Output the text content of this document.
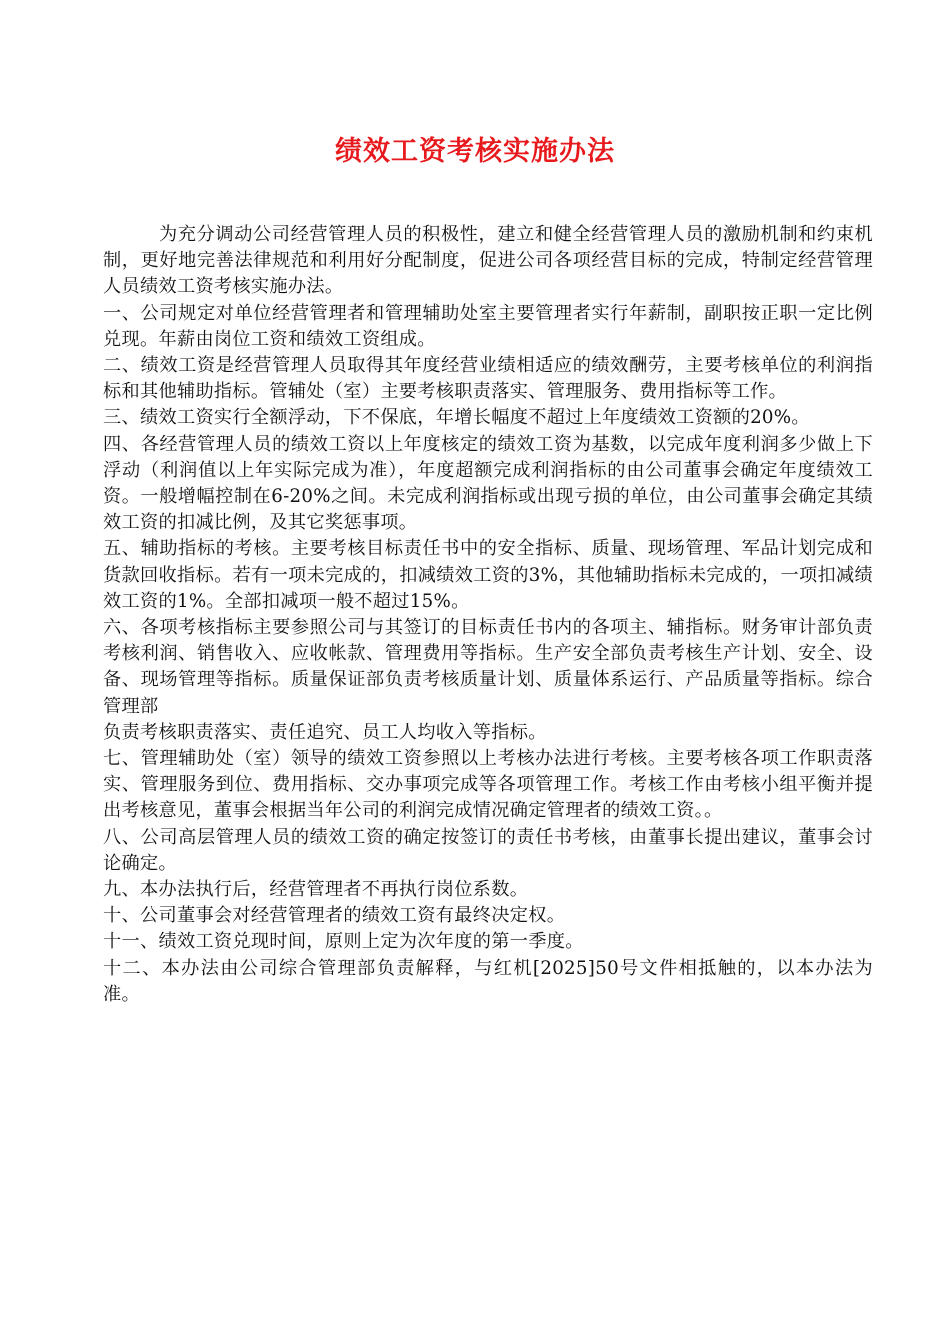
绩效工资考核实施办法

为充分调动公司经营管理人员的积极性，建立和健全经营管理人员的激励机制和约束机制，更好地完善法律规范和利用好分配制度，促进公司各项经营目标的完成，特制定经营管理人员绩效工资考核实施办法。

一、公司规定对单位经营管理者和管理辅助处室主要管理者实行年薪制，副职按正职一定比例兑现。年薪由岗位工资和绩效工资组成。

二、绩效工资是经营管理人员取得其年度经营业绩相适应的绩效酬劳，主要考核单位的利润指标和其他辅助指标。管辅处（室）主要考核职责落实、管理服务、费用指标等工作。

三、绩效工资实行全额浮动，下不保底，年增长幅度不超过上年度绩效工资额的20%。

四、各经营管理人员的绩效工资以上年度核定的绩效工资为基数，以完成年度利润多少做上下浮动（利润值以上年实际完成为准），年度超额完成利润指标的由公司董事会确定年度绩效工资。一般增幅控制在6-20%之间。未完成利润指标或出现亏损的单位，由公司董事会确定其绩效工资的扣减比例，及其它奖惩事项。

五、辅助指标的考核。主要考核目标责任书中的安全指标、质量、现场管理、军品计划完成和货款回收指标。若有一项未完成的，扣减绩效工资的3%，其他辅助指标未完成的，一项扣减绩效工资的1%。全部扣减项一般不超过15%。

六、各项考核指标主要参照公司与其签订的目标责任书内的各项主、辅指标。财务审计部负责考核利润、销售收入、应收帐款、管理费用等指标。生产安全部负责考核生产计划、安全、设备、现场管理等指标。质量保证部负责考核质量计划、质量体系运行、产品质量等指标。综合管理部

负责考核职责落实、责任追究、员工人均收入等指标。

七、管理辅助处（室）领导的绩效工资参照以上考核办法进行考核。主要考核各项工作职责落实、管理服务到位、费用指标、交办事项完成等各项管理工作。考核工作由考核小组平衡并提出考核意见，董事会根据当年公司的利润完成情况确定管理者的绩效工资。。

八、公司高层管理人员的绩效工资的确定按签订的责任书考核，由董事长提出建议，董事会讨论确定。

九、本办法执行后，经营管理者不再执行岗位系数。

十、公司董事会对经营管理者的绩效工资有最终决定权。

十一、绩效工资兑现时间，原则上定为次年度的第一季度。

十二、本办法由公司综合管理部负责解释，与红机[2025]50号文件相抵触的，以本办法为准。
